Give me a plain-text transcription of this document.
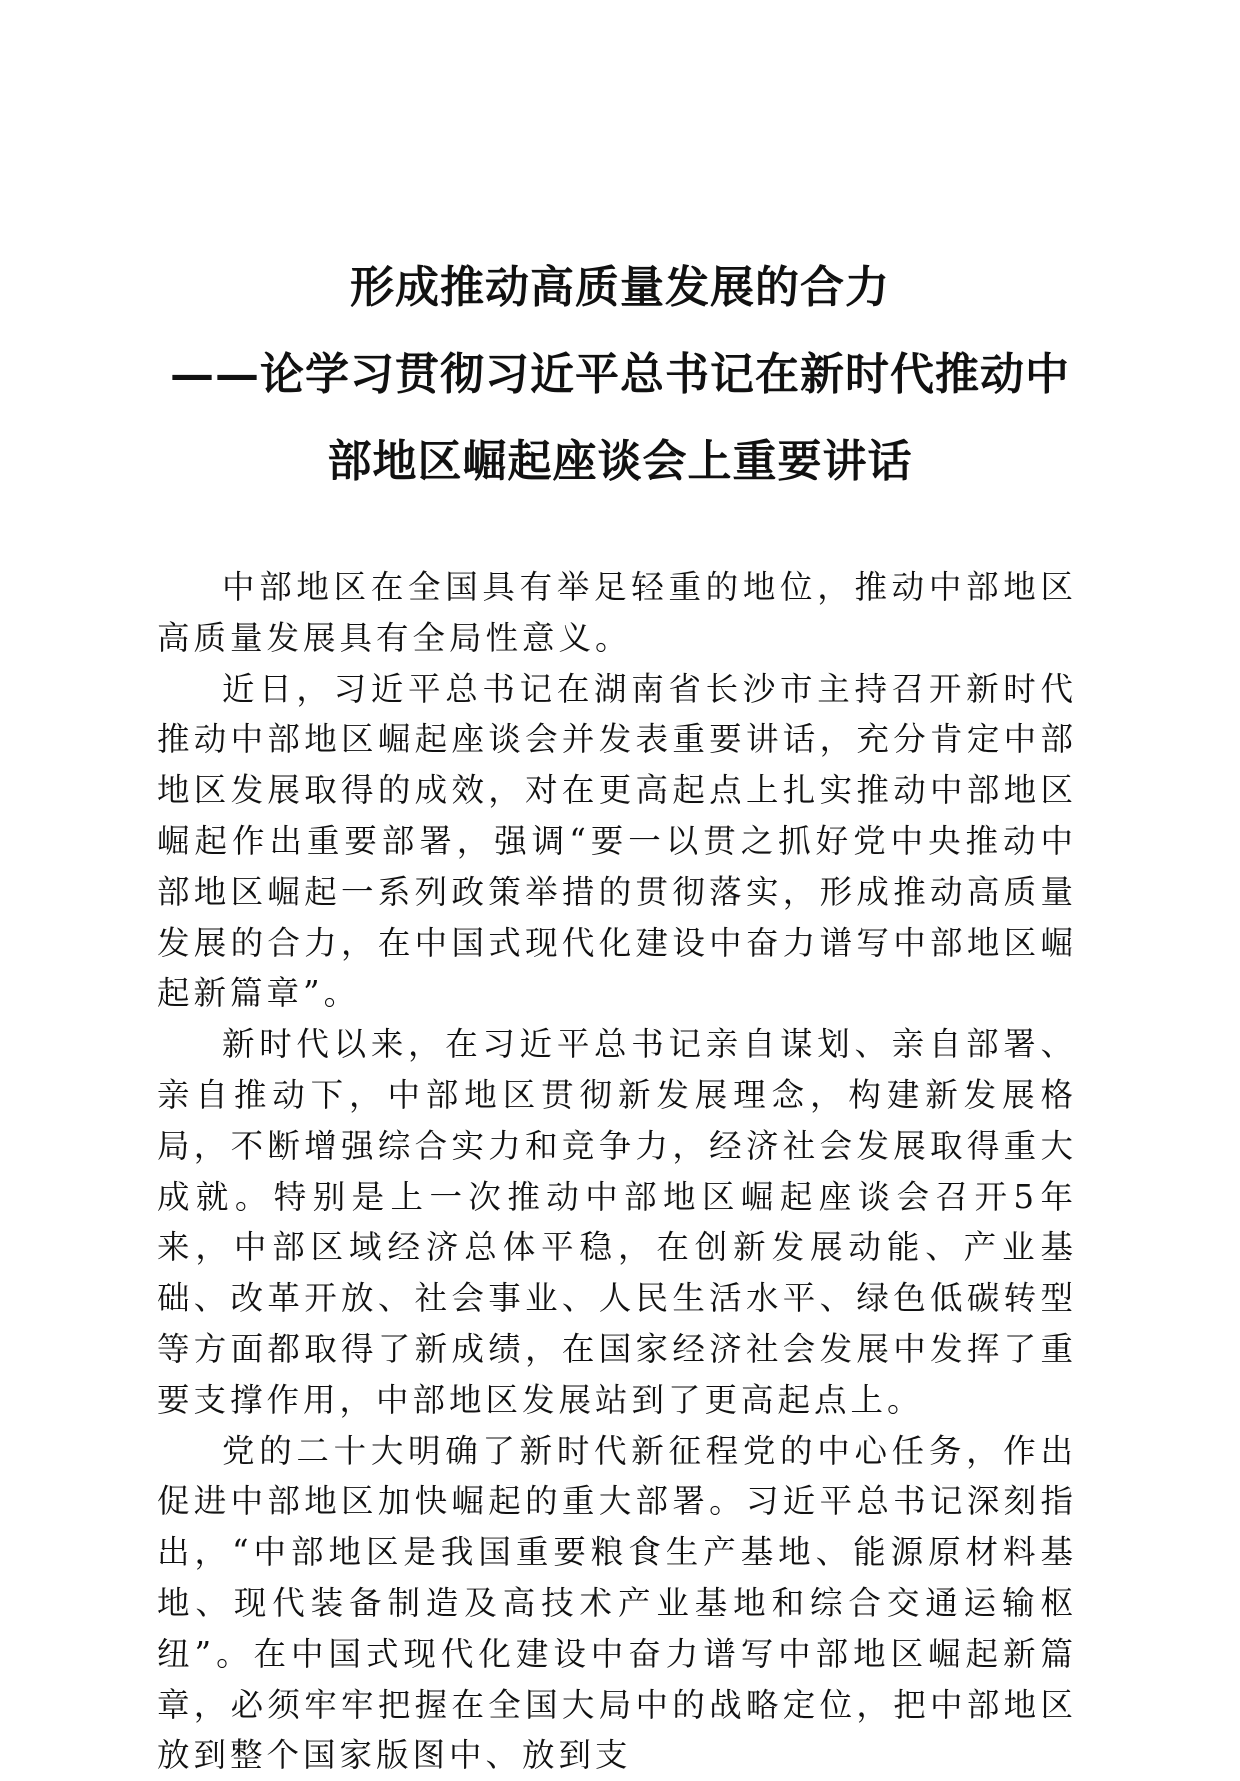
形成推动高质量发展的合力
——论学习贯彻习近平总书记在新时代推动中
部地区崛起座谈会上重要讲话

中部地区在全国具有举足轻重的地位，推动中部地区高质量发展具有全局性意义。

近日，习近平总书记在湖南省长沙市主持召开新时代推动中部地区崛起座谈会并发表重要讲话，充分肯定中部地区发展取得的成效，对在更高起点上扎实推动中部地区崛起作出重要部署，强调“要一以贯之抓好党中央推动中部地区崛起一系列政策举措的贯彻落实，形成推动高质量发展的合力，在中国式现代化建设中奋力谱写中部地区崛起新篇章”。

新时代以来，在习近平总书记亲自谋划、亲自部署、亲自推动下，中部地区贯彻新发展理念，构建新发展格局，不断增强综合实力和竞争力，经济社会发展取得重大成就。特别是上一次推动中部地区崛起座谈会召开5年来，中部区域经济总体平稳，在创新发展动能、产业基础、改革开放、社会事业、人民生活水平、绿色低碳转型等方面都取得了新成绩，在国家经济社会发展中发挥了重要支撑作用，中部地区发展站到了更高起点上。

党的二十大明确了新时代新征程党的中心任务，作出促进中部地区加快崛起的重大部署。习近平总书记深刻指出，“中部地区是我国重要粮食生产基地、能源原材料基地、现代装备制造及高技术产业基地和综合交通运输枢纽”。在中国式现代化建设中奋力谱写中部地区崛起新篇章，必须牢牢把握在全国大局中的战略定位，把中部地区放到整个国家版图中、放到支
